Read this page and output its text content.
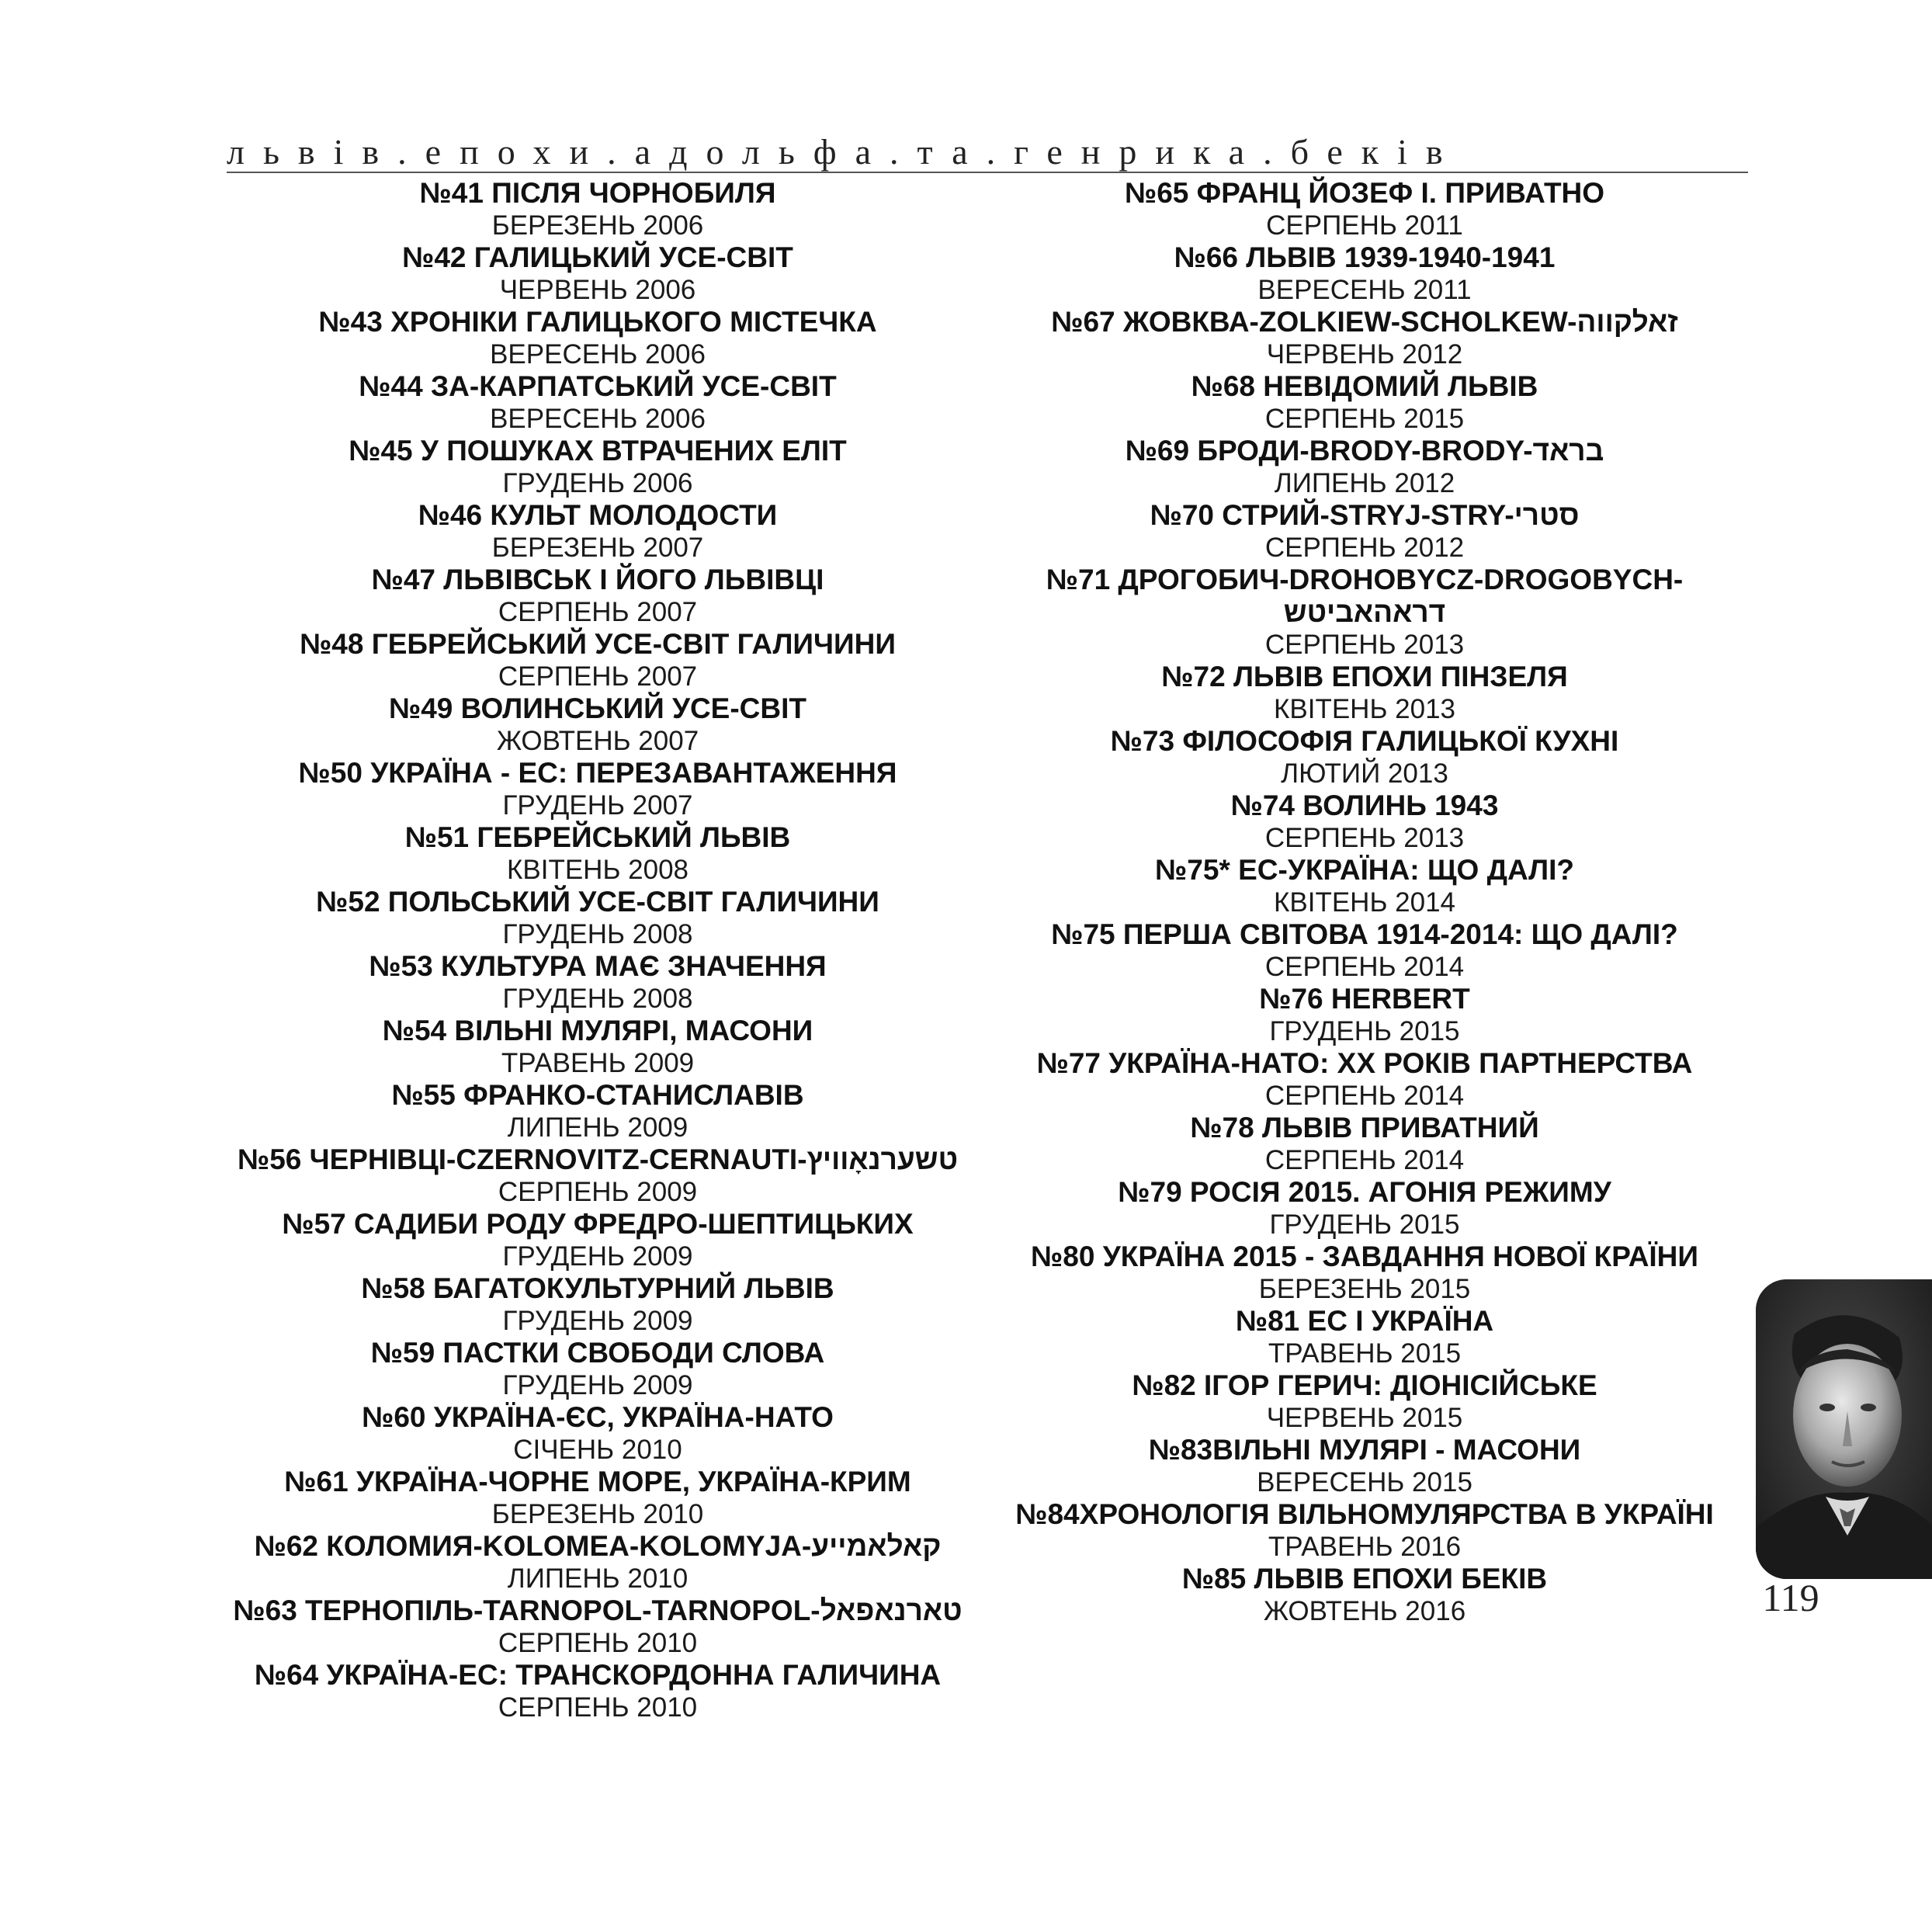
львів.епохи.адольфа.та.генрика.беків
№41 ПІСЛЯ ЧОРНОБИЛЯ
БЕРЕЗЕНЬ 2006
№42 ГАЛИЦЬКИЙ УСЕ-СВІТ
ЧЕРВЕНЬ 2006
№43 ХРОНІКИ ГАЛИЦЬКОГО МІСТЕЧКА
ВЕРЕСЕНЬ 2006
№44 ЗА-КАРПАТСЬКИЙ УСЕ-СВІТ
ВЕРЕСЕНЬ 2006
№45 У ПОШУКАХ ВТРАЧЕНИХ ЕЛІТ
ГРУДЕНЬ 2006
№46 КУЛЬТ МОЛОДОСТИ
БЕРЕЗЕНЬ 2007
№47 ЛЬВІВСЬК І ЙОГО ЛЬВІВЦІ
СЕРПЕНЬ 2007
№48 ГЕБРЕЙСЬКИЙ УСЕ-СВІТ ГАЛИЧИНИ
СЕРПЕНЬ 2007
№49 ВОЛИНСЬКИЙ УСЕ-СВІТ
ЖОВТЕНЬ 2007
№50 УКРАЇНА - ЕС: ПЕРЕЗАВАНТАЖЕННЯ
ГРУДЕНЬ 2007
№51 ГЕБРЕЙСЬКИЙ ЛЬВІВ
КВІТЕНЬ 2008
№52 ПОЛЬСЬКИЙ УСЕ-СВІТ ГАЛИЧИНИ
ГРУДЕНЬ 2008
№53 КУЛЬТУРА МАЄ ЗНАЧЕННЯ
ГРУДЕНЬ 2008
№54 ВІЛЬНІ МУЛЯРІ, МАСОНИ
ТРАВЕНЬ 2009
№55 ФРАНКО-СТАНИСЛАВІВ
ЛИПЕНЬ 2009
№56 ЧЕРНІВЦІ-CZERNOVITZ-CERNAUTI-טשערנאָוויץ
СЕРПЕНЬ 2009
№57 САДИБИ РОДУ ФРЕДРО-ШЕПТИЦЬКИХ
ГРУДЕНЬ 2009
№58 БАГАТОКУЛЬТУРНИЙ ЛЬВІВ
ГРУДЕНЬ 2009
№59 ПАСТКИ СВОБОДИ СЛОВА
ГРУДЕНЬ 2009
№60 УКРАЇНА-ЄС, УКРАЇНА-НАТО
СІЧЕНЬ 2010
№61 УКРАЇНА-ЧОРНЕ МОРЕ, УКРАЇНА-КРИМ
БЕРЕЗЕНЬ 2010
№62 КОЛОМИЯ-KOLOMEA-KOLOMYJA-קאלאמײע
ЛИПЕНЬ 2010
№63 ТЕРНОПІЛЬ-TARNOPOL-TARNOPOL-טארנאפאל
СЕРПЕНЬ 2010
№64 УКРАЇНА-ЕС: ТРАНСКОРДОННА ГАЛИЧИНА
СЕРПЕНЬ 2010
№65 ФРАНЦ ЙОЗЕФ І. ПРИВАТНО
СЕРПЕНЬ 2011
№66 ЛЬВІВ 1939-1940-1941
ВЕРЕСЕНЬ 2011
№67 ЖОВКВА-ZOLKIEW-SCHOLKEW-זאלקווה
ЧЕРВЕНЬ 2012
№68 НЕВІДОМИЙ ЛЬВІВ
СЕРПЕНЬ 2015
№69 БРОДИ-BRODY-BRODY-בראד
ЛИПЕНЬ 2012
№70 СТРИЙ-STRYJ-STRY-סטרי
СЕРПЕНЬ 2012
№71 ДРОГОБИЧ-DROHOBYCZ-DROGOBYCH-דראהאביטש
СЕРПЕНЬ 2013
№72 ЛЬВІВ ЕПОХИ ПІНЗЕЛЯ
КВІТЕНЬ 2013
№73 ФІЛОСОФІЯ ГАЛИЦЬКОЇ КУХНІ
ЛЮТИЙ 2013
№74 ВОЛИНЬ 1943
СЕРПЕНЬ 2013
№75* ЕС-УКРАЇНА: ЩО ДАЛІ?
КВІТЕНЬ 2014
№75 ПЕРША СВІТОВА 1914-2014: ЩО ДАЛІ?
СЕРПЕНЬ 2014
№76 HERBERT
ГРУДЕНЬ 2015
№77 УКРАЇНА-НАТО: XX РОКІВ ПАРТНЕРСТВА
СЕРПЕНЬ 2014
№78 ЛЬВІВ ПРИВАТНИЙ
СЕРПЕНЬ 2014
№79 РОСІЯ 2015. АГОНІЯ РЕЖИМУ
ГРУДЕНЬ 2015
№80 УКРАЇНА 2015 - ЗАВДАННЯ НОВОЇ КРАЇНИ
БЕРЕЗЕНЬ 2015
№81 ЕС І УКРАЇНА
ТРАВЕНЬ 2015
№82 ІГОР ГЕРИЧ: ДІОНІСІЙСЬКЕ
ЧЕРВЕНЬ 2015
№83ВІЛЬНІ МУЛЯРІ - МАСОНИ
ВЕРЕСЕНЬ 2015
№84ХРОНОЛОГІЯ ВІЛЬНОМУЛЯРСТВА В УКРАЇНІ
ТРАВЕНЬ 2016
№85 ЛЬВІВ ЕПОХИ БЕКІВ
ЖОВТЕНЬ 2016	119
